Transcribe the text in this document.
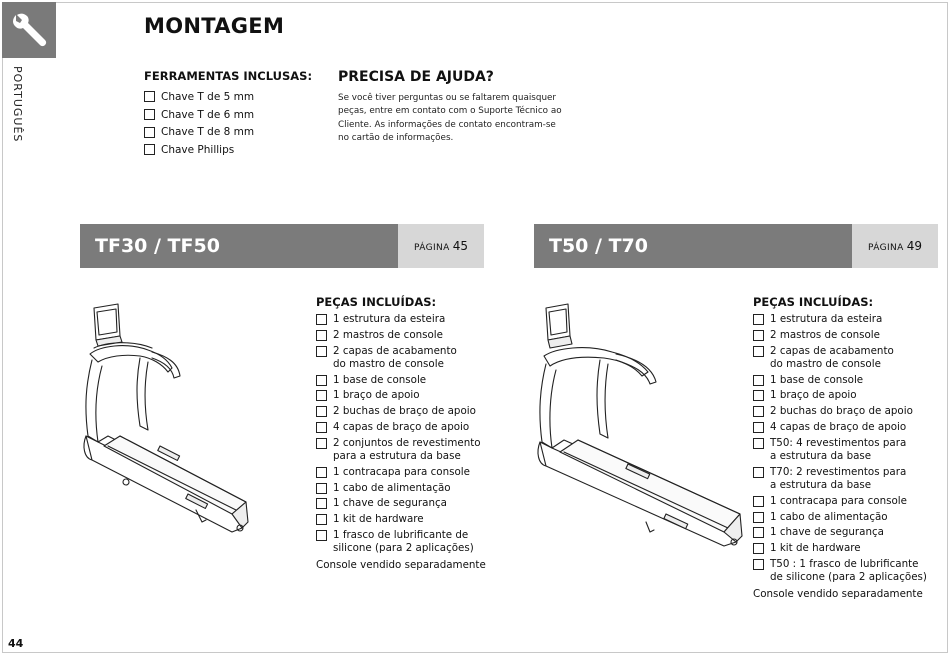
PORTUGUÊS
MONTAGEM
FERRAMENTAS INCLUSAS:
Chave T de 5 mm
Chave T de 6 mm
Chave T de 8 mm
Chave Phillips
PRECISA DE AJUDA?

Se você tiver perguntas ou se faltarem quaisquer peças, entre em contato com o Suporte Técnico ao Cliente. As informações de contato encontram-se no cartão de informações.

TF30 / TF50	PÁGINA 45	T50 / T70	PÁGINA 49
PEÇAS INCLUÍDAS:
1 estrutura da esteira
2 mastros de console
2 capas de acabamento
do mastro de console
1 base de console
1 braço de apoio
2 buchas de braço de apoio
4 capas de braço de apoio
2 conjuntos de revestimento
para a estrutura da base
1 contracapa para console
1 cabo de alimentação
1 chave de segurança
1 kit de hardware
1 frasco de lubrificante de
silicone (para 2 aplicações)
Console vendido separadamente
PEÇAS INCLUÍDAS:
1 estrutura da esteira
2 mastros de console
2 capas de acabamento
do mastro de console
1 base de console
1 braço de apoio
2 buchas do braço de apoio
4 capas de braço de apoio
T50: 4 revestimentos para
a estrutura da base
T70: 2 revestimentos para
a estrutura da base
1 contracapa para console
1 cabo de alimentação
1 chave de segurança
1 kit de hardware
T50 : 1 frasco de lubrificante
de silicone (para 2 aplicações)
Console vendido separadamente
44
